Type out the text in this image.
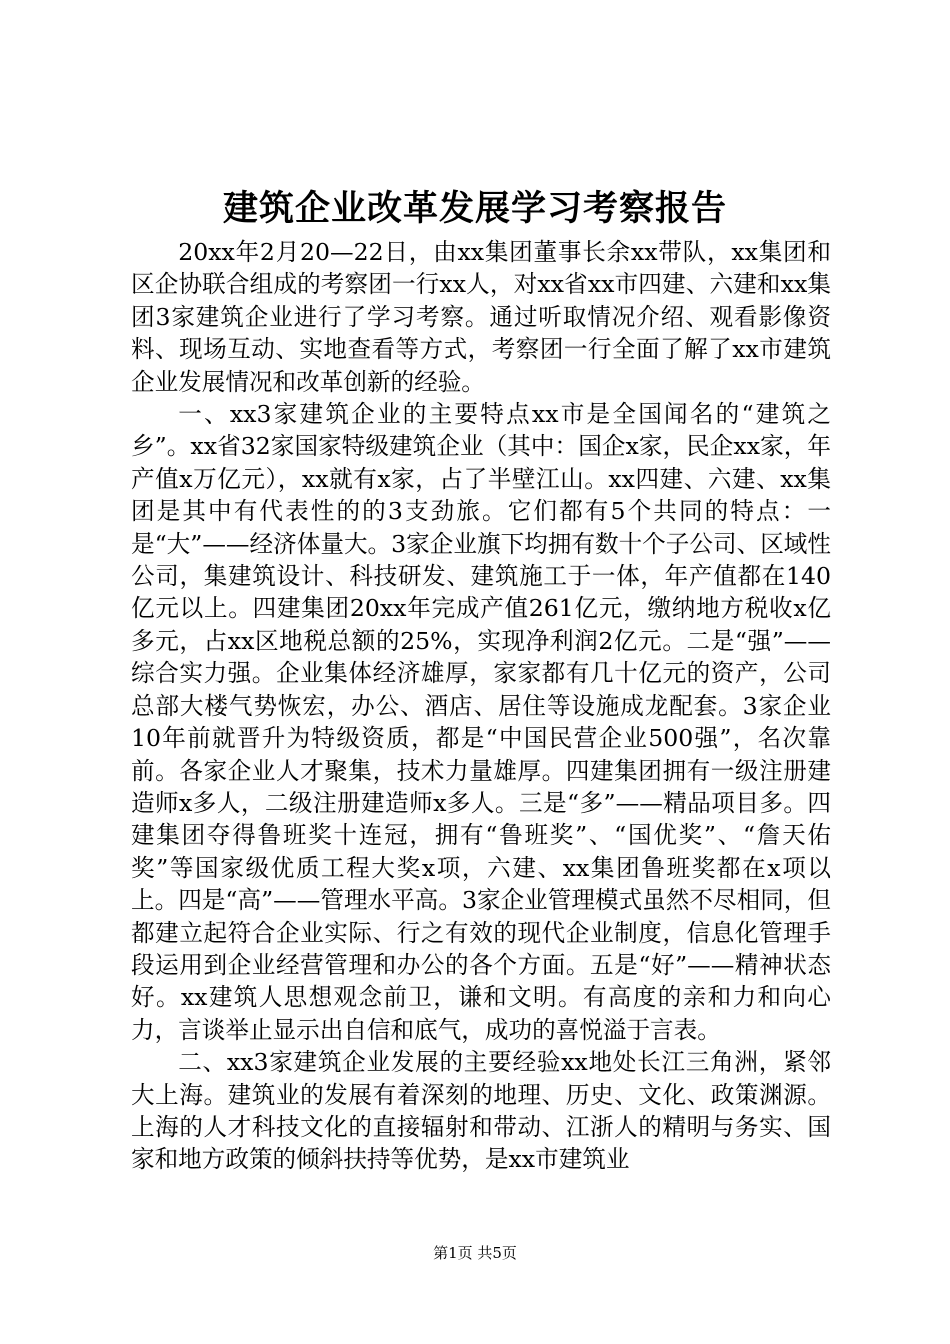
建筑企业改革发展学习考察报告

20xx年2月20—22日，由xx集团董事长余xx带队，xx集团和区企协联合组成的考察团一行xx人，对xx省xx市四建、六建和xx集团3家建筑企业进行了学习考察。通过听取情况介绍、观看影像资料、现场互动、实地查看等方式，考察团一行全面了解了xx市建筑企业发展情况和改革创新的经验。

一、xx3家建筑企业的主要特点xx市是全国闻名的“建筑之乡”。xx省32家国家特级建筑企业（其中：国企x家，民企xx家，年产值x万亿元），xx就有x家，占了半壁江山。xx四建、六建、xx集团是其中有代表性的的3支劲旅。它们都有5个共同的特点：一是“大”——经济体量大。3家企业旗下均拥有数十个子公司、区域性公司，集建筑设计、科技研发、建筑施工于一体，年产值都在140亿元以上。四建集团20xx年完成产值261亿元，缴纳地方税收x亿多元，占xx区地税总额的25%，实现净利润2亿元。二是“强”——综合实力强。企业集体经济雄厚，家家都有几十亿元的资产，公司总部大楼气势恢宏，办公、酒店、居住等设施成龙配套。3家企业10年前就晋升为特级资质，都是“中国民营企业500强”，名次靠前。各家企业人才聚集，技术力量雄厚。四建集团拥有一级注册建造师x多人，二级注册建造师x多人。三是“多”——精品项目多。四建集团夺得鲁班奖十连冠，拥有“鲁班奖”、“国优奖”、“詹天佑奖”等国家级优质工程大奖x项，六建、xx集团鲁班奖都在x项以上。四是“高”——管理水平高。3家企业管理模式虽然不尽相同，但都建立起符合企业实际、行之有效的现代企业制度，信息化管理手段运用到企业经营管理和办公的各个方面。五是“好”——精神状态好。xx建筑人思想观念前卫，谦和文明。有高度的亲和力和向心力，言谈举止显示出自信和底气，成功的喜悦溢于言表。

二、xx3家建筑企业发展的主要经验xx地处长江三角洲，紧邻大上海。建筑业的发展有着深刻的地理、历史、文化、政策渊源。上海的人才科技文化的直接辐射和带动、江浙人的精明与务实、国家和地方政策的倾斜扶持等优势，是xx市建筑业

第1页 共5页
